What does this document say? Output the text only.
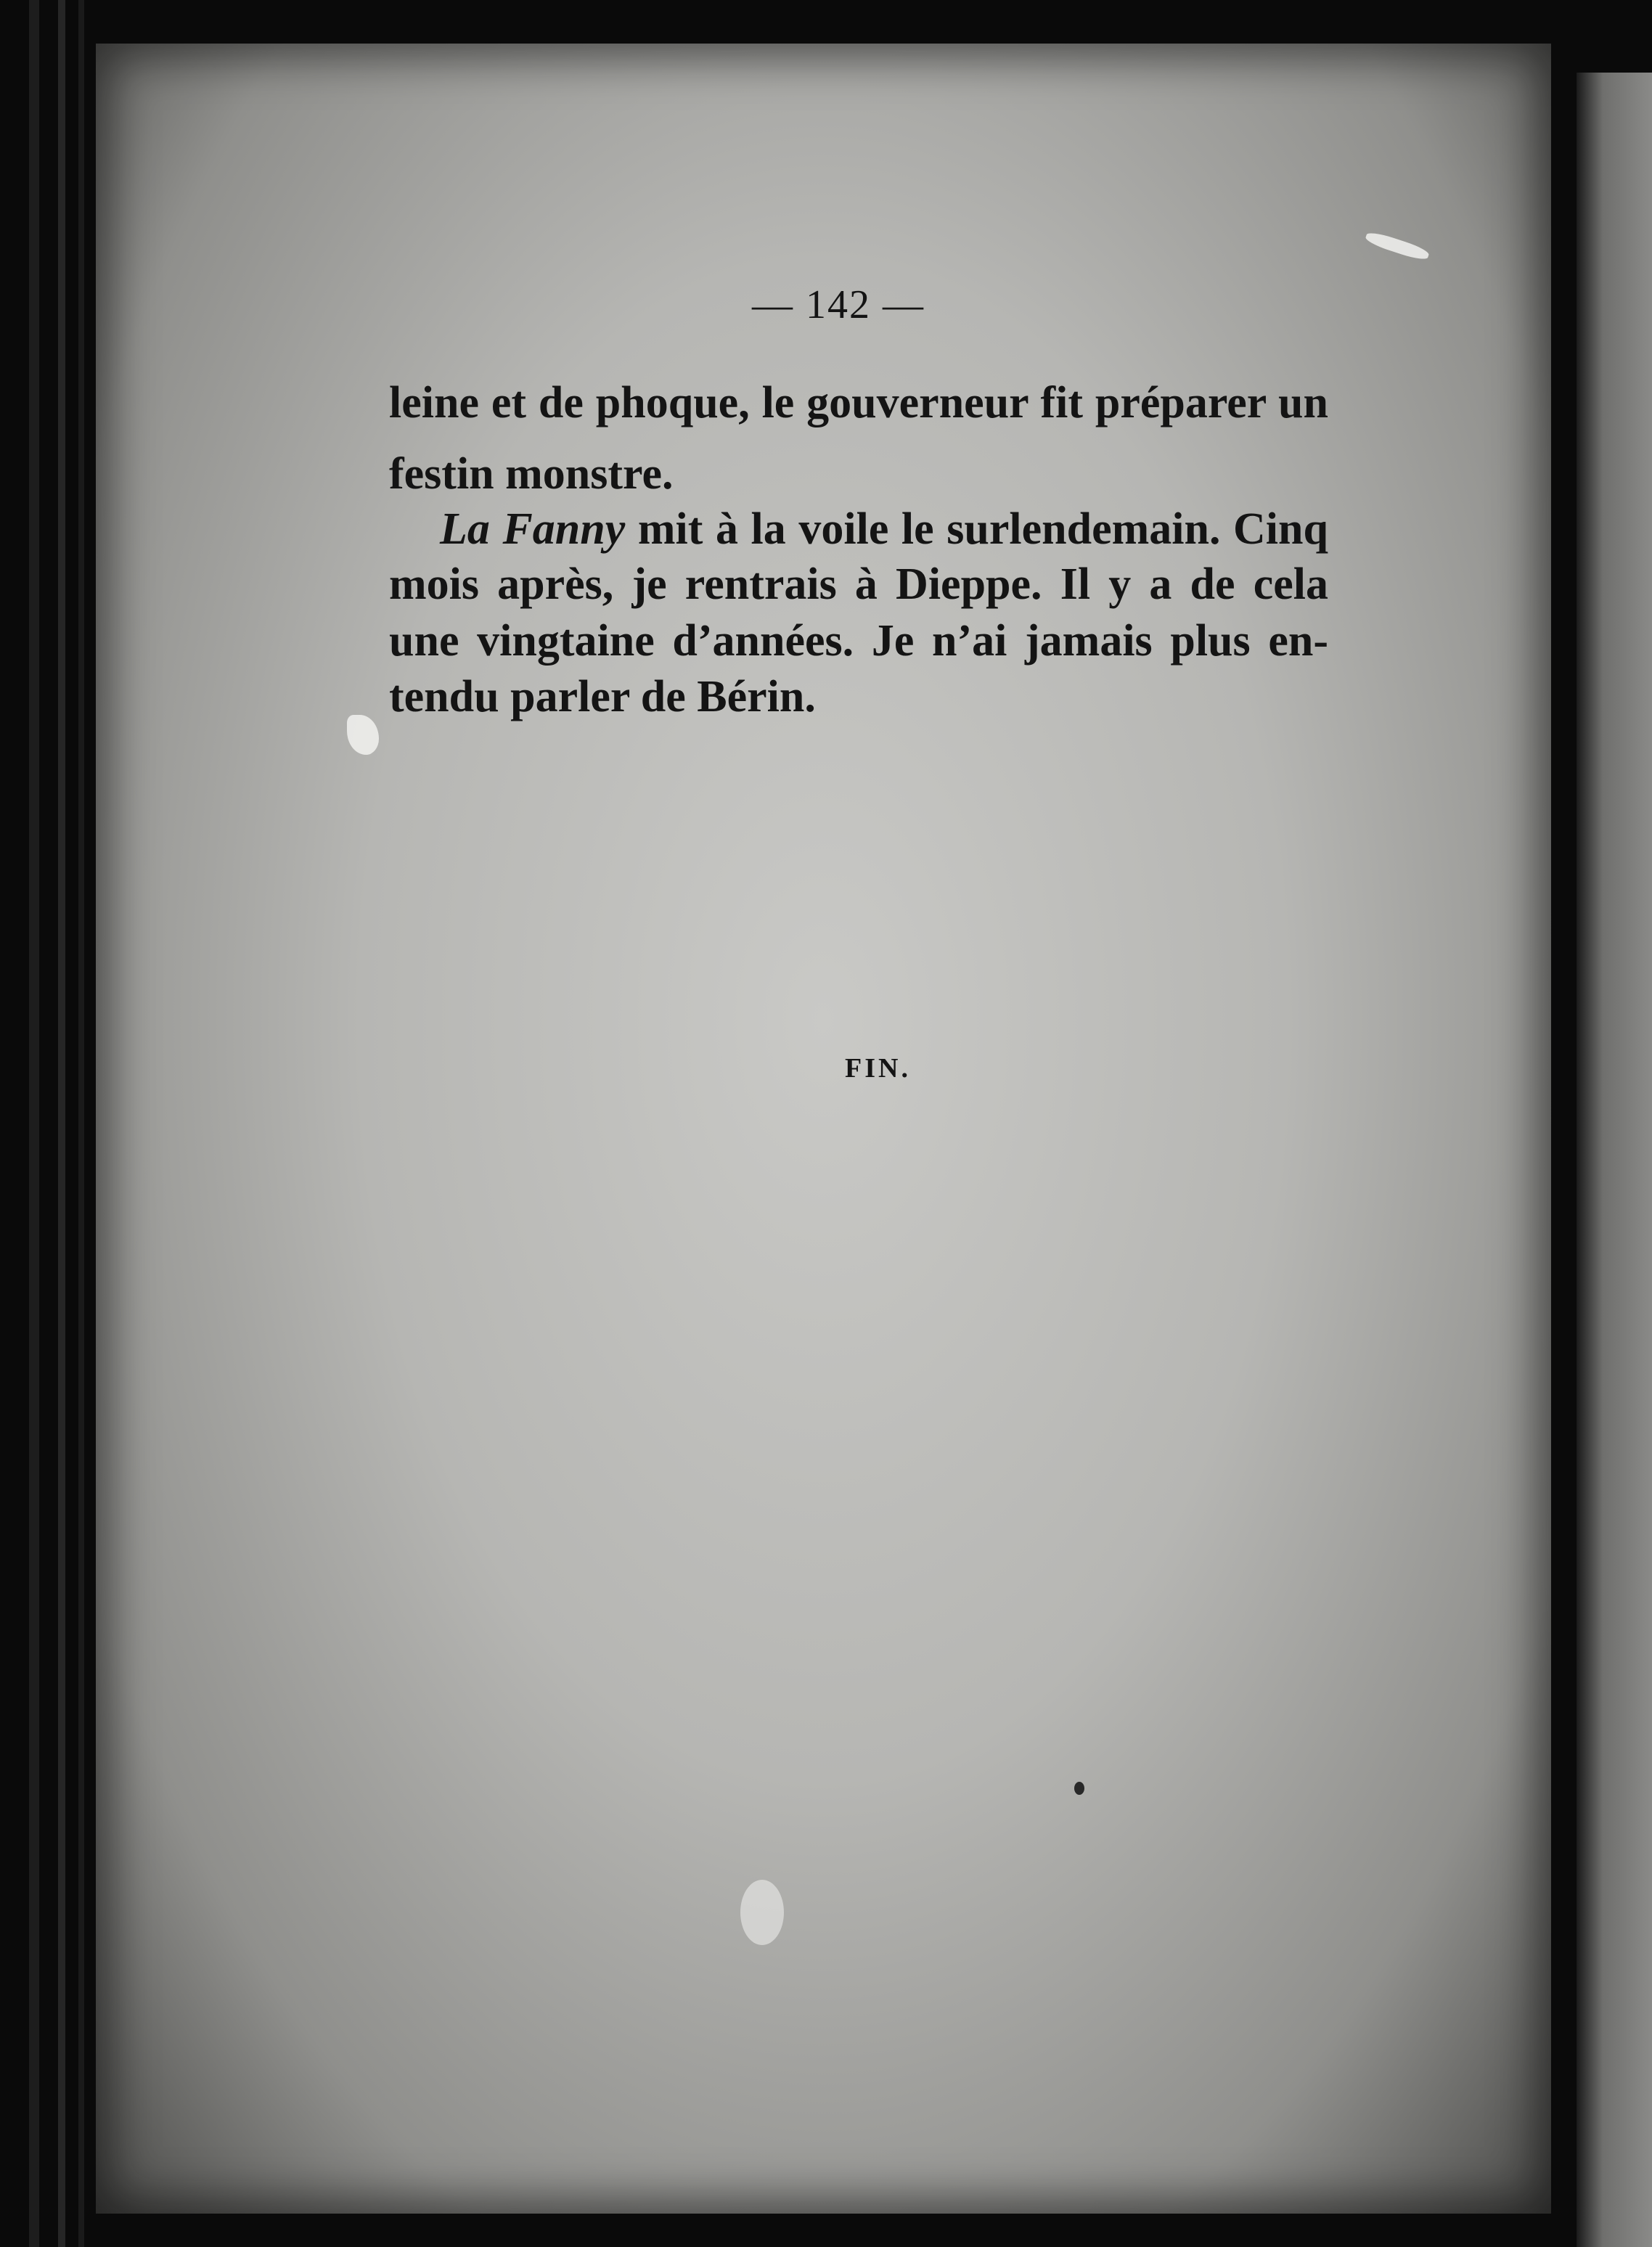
— 142 —
leine et de phoque, le gouverneur fit préparer un
festin monstre.
La Fanny mit à la voile le surlendemain. Cinq
mois après, je rentrais à Dieppe. Il y a de cela
une vingtaine d’années. Je n’ai jamais plus en-
tendu parler de Bérin.
FIN.
